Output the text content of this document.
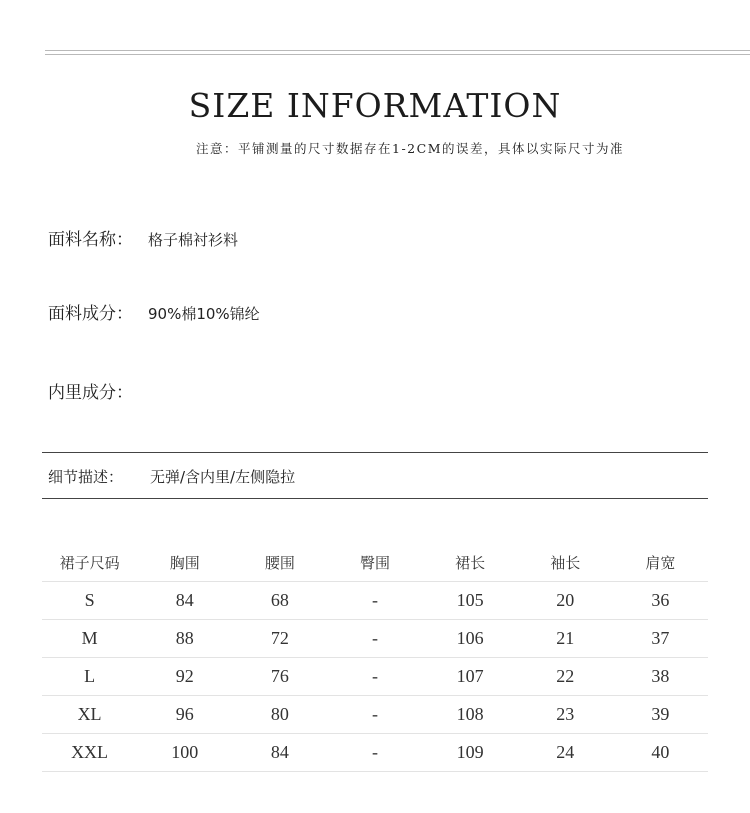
SIZE INFORMATION
注意：平铺测量的尺寸数据存在1-2CM的误差，具体以实际尺寸为准
面料名称： 格子棉衬衫料
面料成分： 90%棉10%锦纶
内里成分：
细节描述： 无弹/含内里/左侧隐拉
裙子尺码	胸围	腰围	臀围	裙长	袖长	肩宽
S	84	68	-	105	20	36
M	88	72	-	106	21	37
L	92	76	-	107	22	38
XL	96	80	-	108	23	39
XXL	100	84	-	109	24	40
